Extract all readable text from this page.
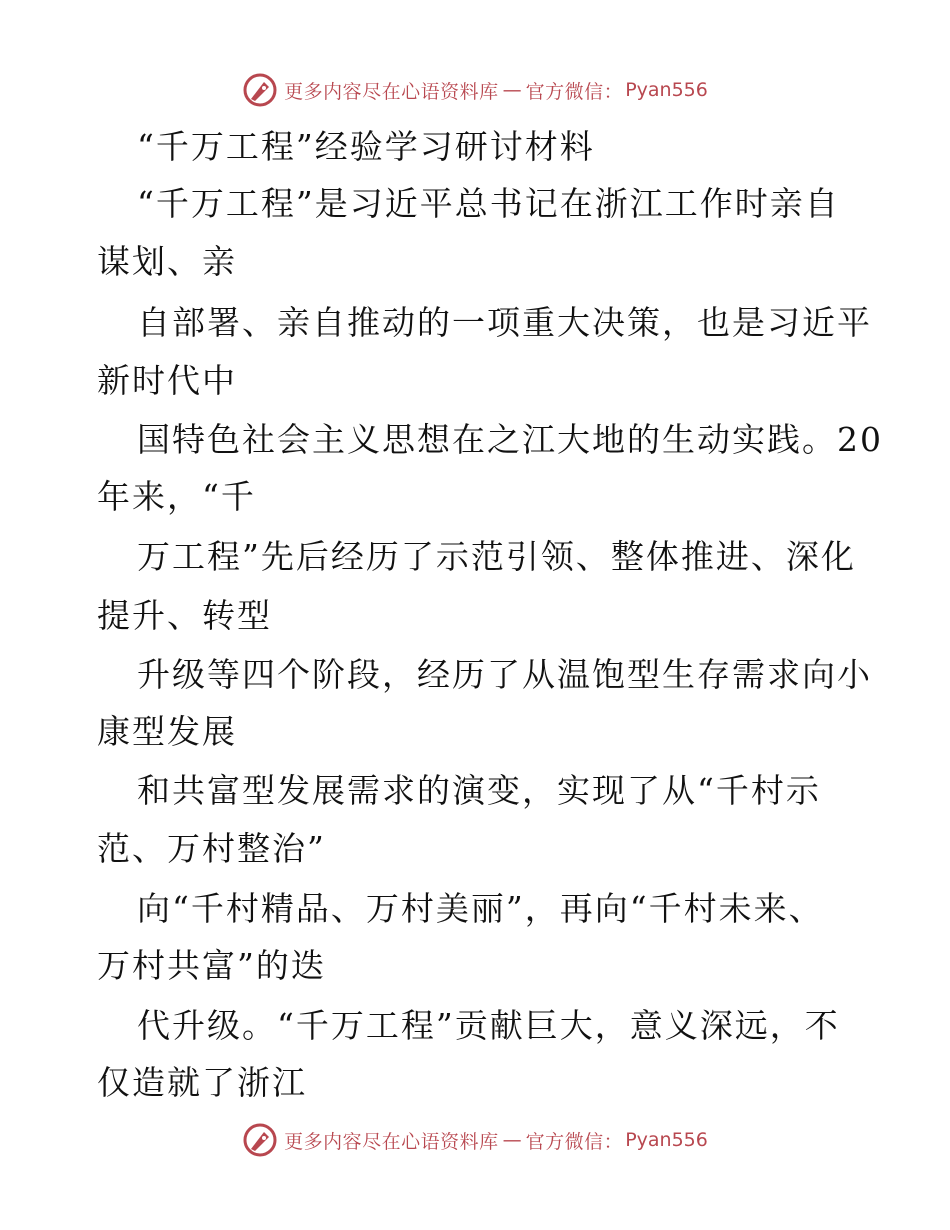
更多内容尽在心语资料库 — 官方微信： Pyan556
“千万工程”经验学习研讨材料
“千万工程”是习近平总书记在浙江工作时亲自
谋划、亲
自部署、亲自推动的一项重大决策，也是习近平
新时代中
国特色社会主义思想在之江大地的生动实践。20
年来，“千
万工程”先后经历了示范引领、整体推进、深化
提升、转型
升级等四个阶段，经历了从温饱型生存需求向小
康型发展
和共富型发展需求的演变，实现了从“千村示
范、万村整治”
向“千村精品、万村美丽”，再向“千村未来、
万村共富”的迭
代升级。“千万工程”贡献巨大，意义深远，不
仅造就了浙江
更多内容尽在心语资料库 — 官方微信： Pyan556
